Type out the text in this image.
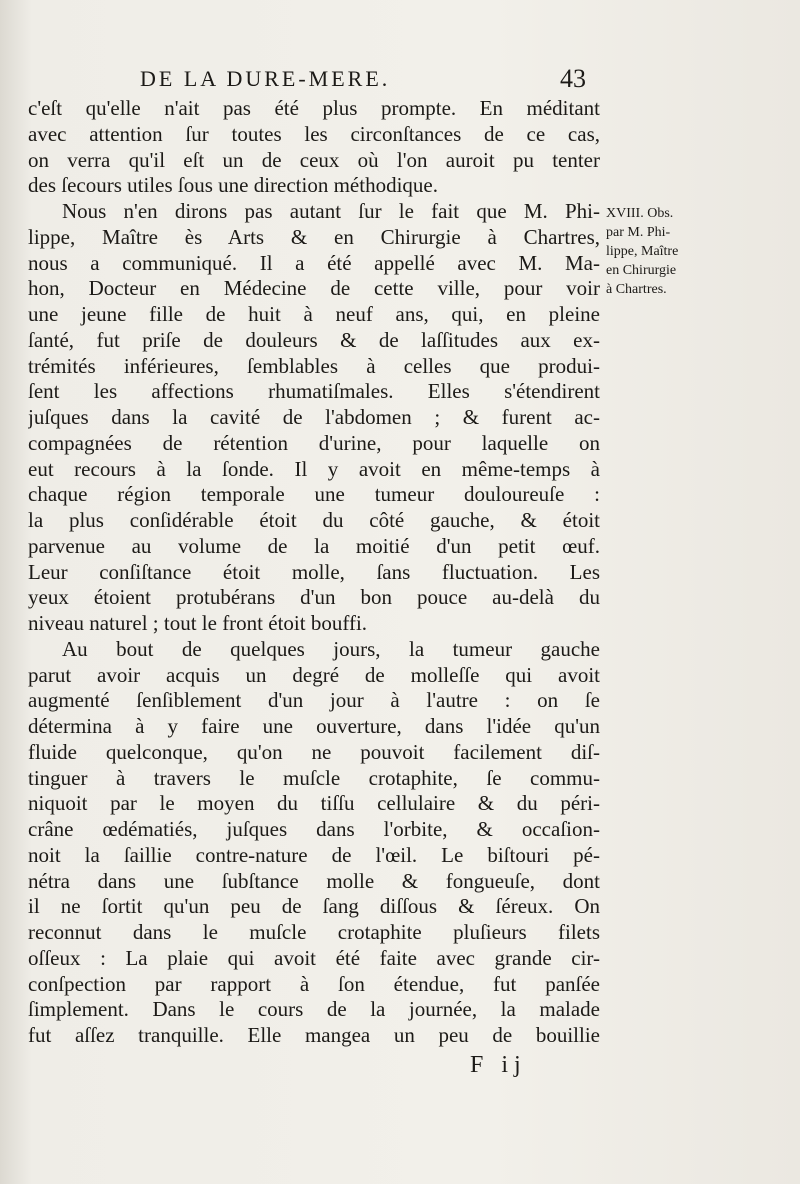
DE LA DURE-MERE.	43
c'eſt qu'elle n'ait pas été plus prompte. En méditant
avec attention ſur toutes les circonſtances de ce cas,
on verra qu'il eſt un de ceux où l'on auroit pu tenter
des ſecours utiles ſous une direction méthodique.
Nous n'en dirons pas autant ſur le fait que M. Phi-
lippe, Maître ès Arts & en Chirurgie à Chartres,
nous a communiqué. Il a été appellé avec M. Ma-
hon, Docteur en Médecine de cette ville, pour voir
une jeune fille de huit à neuf ans, qui, en pleine
ſanté, fut priſe de douleurs & de laſſitudes aux ex-
trémités inférieures, ſemblables à celles que produi-
ſent les affections rhumatiſmales. Elles s'étendirent
juſques dans la cavité de l'abdomen ; & furent ac-
compagnées de rétention d'urine, pour laquelle on
eut recours à la ſonde. Il y avoit en même-temps à
chaque région temporale une tumeur douloureuſe :
la plus conſidérable étoit du côté gauche, & étoit
parvenue au volume de la moitié d'un petit œuf.
Leur conſiſtance étoit molle, ſans fluctuation. Les
yeux étoient protubérans d'un bon pouce au-delà du
niveau naturel ; tout le front étoit bouffi.
Au bout de quelques jours, la tumeur gauche
parut avoir acquis un degré de molleſſe qui avoit
augmenté ſenſiblement d'un jour à l'autre : on ſe
détermina à y faire une ouverture, dans l'idée qu'un
fluide quelconque, qu'on ne pouvoit facilement diſ-
tinguer à travers le muſcle crotaphite, ſe commu-
niquoit par le moyen du tiſſu cellulaire & du péri-
crâne œdématiés, juſques dans l'orbite, & occaſion-
noit la ſaillie contre-nature de l'œil. Le biſtouri pé-
nétra dans une ſubſtance molle & fongueuſe, dont
il ne ſortit qu'un peu de ſang diſſous & ſéreux. On
reconnut dans le muſcle crotaphite pluſieurs filets
oſſeux : La plaie qui avoit été faite avec grande cir-
conſpection par rapport à ſon étendue, fut panſée
ſimplement. Dans le cours de la journée, la malade
fut aſſez tranquille. Elle mangea un peu de bouillie
XVIII. Obs.
par M. Phi-
lippe, Maître
en Chirurgie
à Chartres.
F ij
